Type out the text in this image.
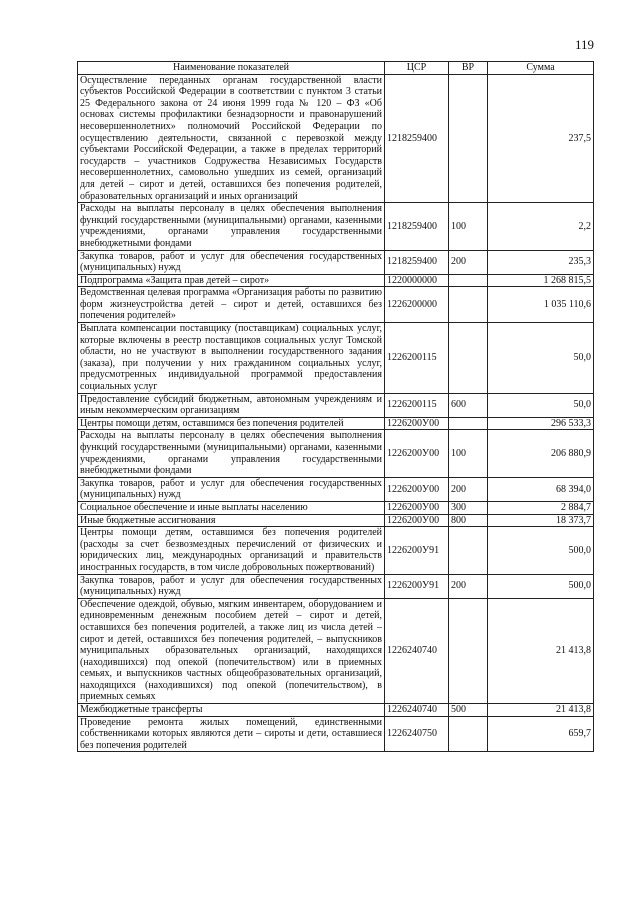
119
Наименование показателей	ЦСР	ВР	Сумма
Осуществление переданных органам государственной власти субъектов Российской Федерации в соответствии с пунктом 3 статьи 25 Федерального закона от 24 июня 1999 года № 120 – ФЗ «Об основах системы профилактики безнадзорности и правонарушений несовершеннолетних» полномочий Российской Федерации по осуществлению деятельности, связанной с перевозкой между субъектами Российской Федерации, а также в пределах территорий государств – участников Содружества Независимых Государств несовершеннолетних, самовольно ушедших из семей, организаций для детей – сирот и детей, оставшихся без попечения родителей, образовательных организаций и иных организаций	1218259400		237,5
Расходы на выплаты персоналу в целях обеспечения выполнения функций государственными (муниципальными) органами, казенными учреждениями, органами управления государственными внебюджетными фондами	1218259400	100	2,2
Закупка товаров, работ и услуг для обеспечения государственных (муниципальных) нужд	1218259400	200	235,3
Подпрограмма «Защита прав детей – сирот»	1220000000		1 268 815,5
Ведомственная целевая программа «Организация работы по развитию форм жизнеустройства детей – сирот и детей, оставшихся без попечения родителей»	1226200000		1 035 110,6
Выплата компенсации поставщику (поставщикам) социальных услуг, которые включены в реестр поставщиков социальных услуг Томской области, но не участвуют в выполнении государственного задания (заказа), при получении у них гражданином социальных услуг, предусмотренных индивидуальной программой предоставления социальных услуг	1226200115		50,0
Предоставление субсидий бюджетным, автономным учреждениям и иным некоммерческим организациям	1226200115	600	50,0
Центры помощи детям, оставшимся без попечения родителей	1226200У00		296 533,3
Расходы на выплаты персоналу в целях обеспечения выполнения функций государственными (муниципальными) органами, казенными учреждениями, органами управления государственными внебюджетными фондами	1226200У00	100	206 880,9
Закупка товаров, работ и услуг для обеспечения государственных (муниципальных) нужд	1226200У00	200	68 394,0
Социальное обеспечение и иные выплаты населению	1226200У00	300	2 884,7
Иные бюджетные ассигнования	1226200У00	800	18 373,7
Центры помощи детям, оставшимся без попечения родителей (расходы за счет безвозмездных перечислений от физических и юридических лиц, международных организаций и правительств иностранных государств, в том числе добровольных пожертвований)	1226200У91		500,0
Закупка товаров, работ и услуг для обеспечения государственных (муниципальных) нужд	1226200У91	200	500,0
Обеспечение одеждой, обувью, мягким инвентарем, оборудованием и единовременным денежным пособием детей – сирот и детей, оставшихся без попечения родителей, а также лиц из числа детей – сирот и детей, оставшихся без попечения родителей, – выпускников муниципальных образовательных организаций, находящихся (находившихся) под опекой (попечительством) или в приемных семьях, и выпускников частных общеобразовательных организаций, находящихся (находившихся) под опекой (попечительством), в приемных семьях	1226240740		21 413,8
Межбюджетные трансферты	1226240740	500	21 413,8
Проведение ремонта жилых помещений, единственными собственниками которых являются дети – сироты и дети, оставшиеся без попечения родителей	1226240750		659,7
